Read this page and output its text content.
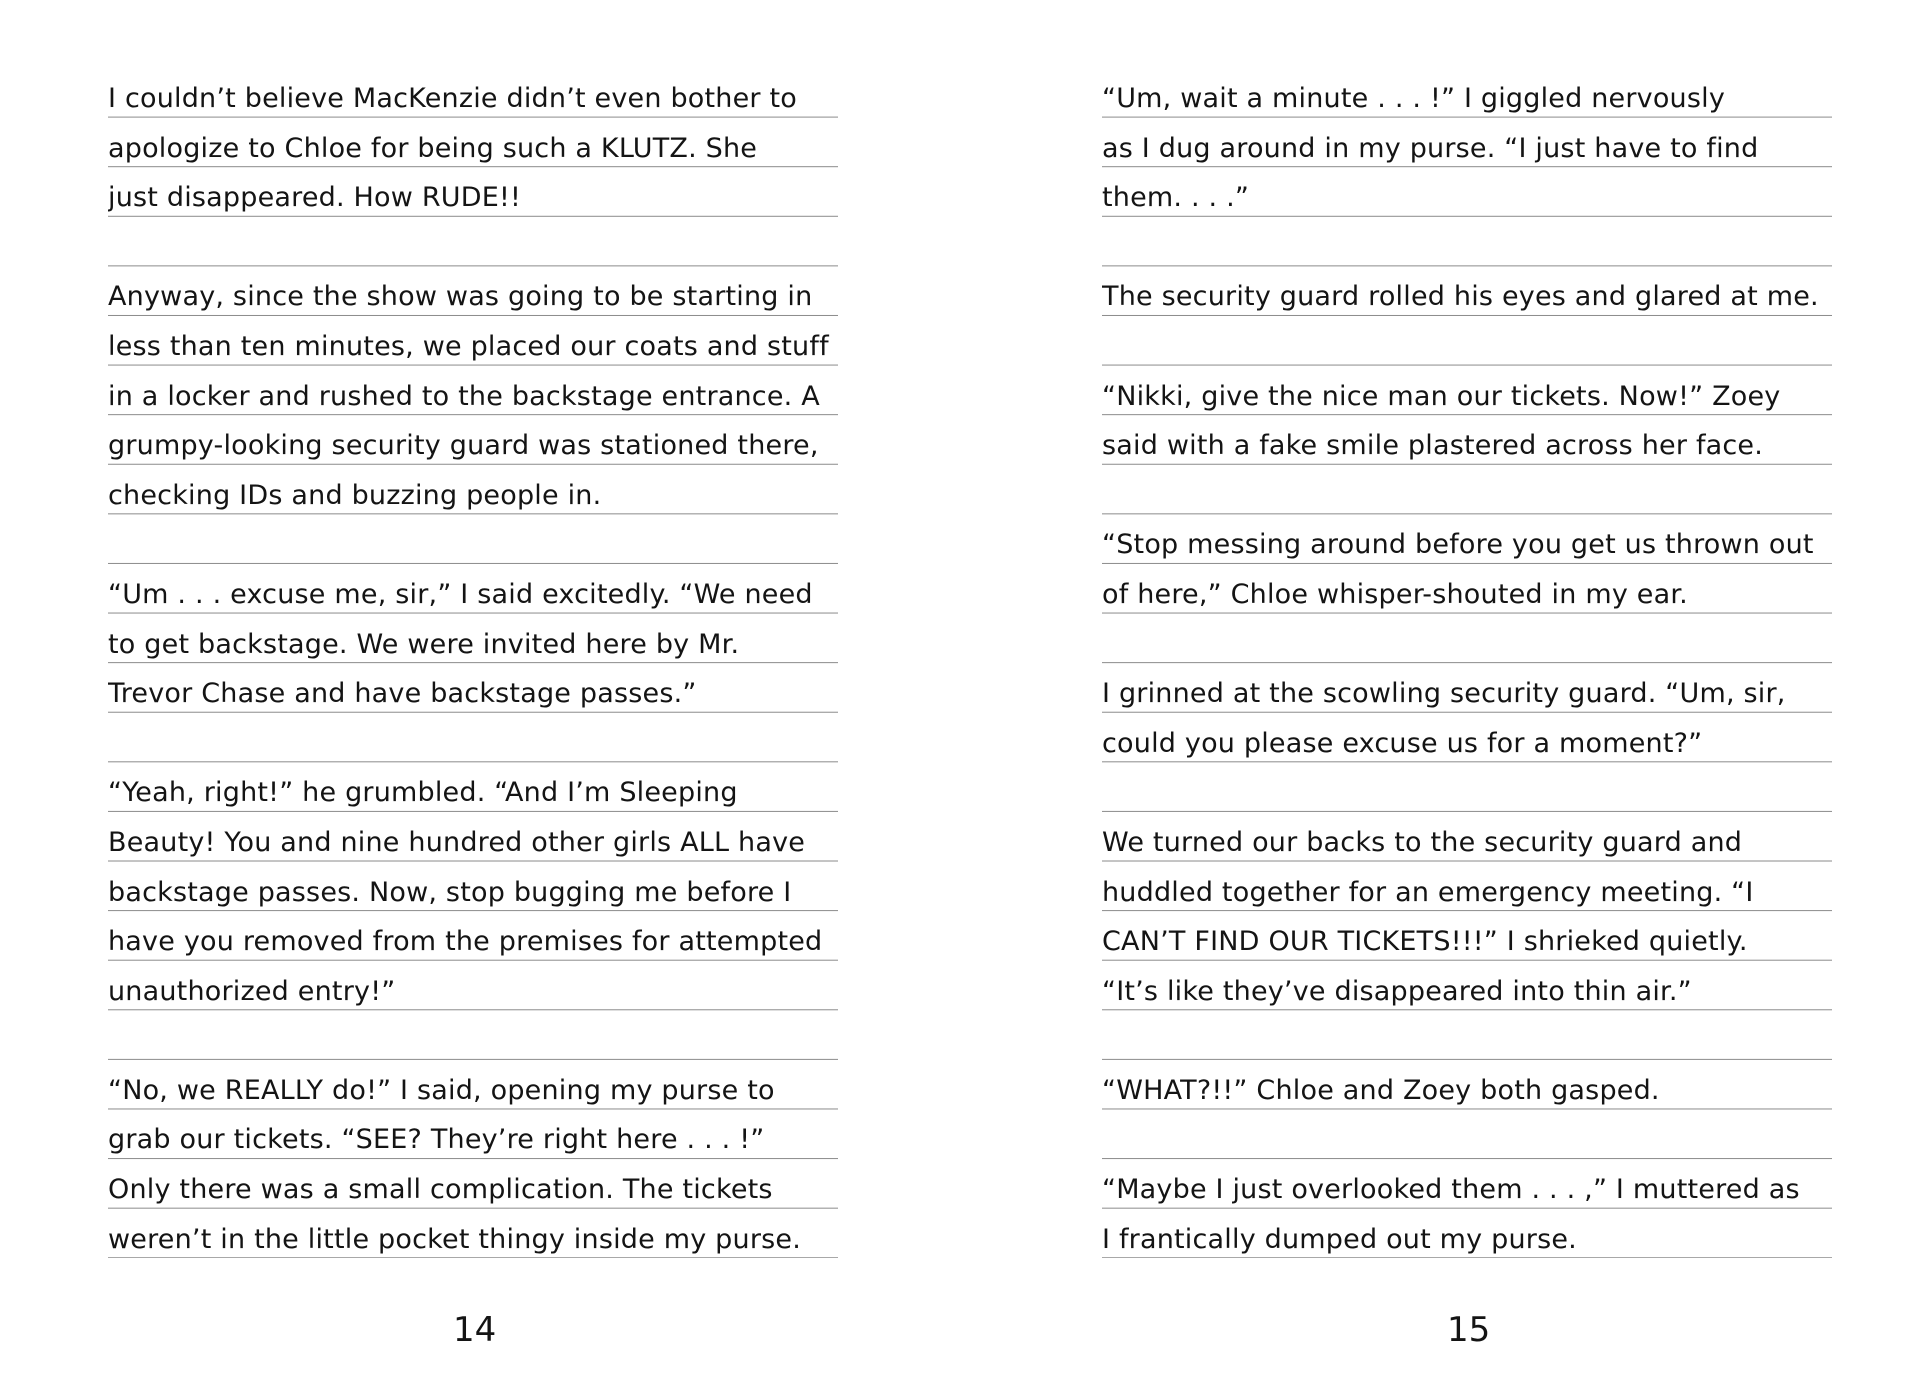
I couldn’t believe MacKenzie didn’t even bother to
apologize to Chloe for being such a KLUTZ. She
just disappeared. How RUDE!!
Anyway, since the show was going to be starting in
less than ten minutes, we placed our coats and stuff
in a locker and rushed to the backstage entrance. A
grumpy-looking security guard was stationed there,
checking IDs and buzzing people in.
“Um . . . excuse me, sir,” I said excitedly. “We need
to get backstage. We were invited here by Mr.
Trevor Chase and have backstage passes.”
“Yeah, right!” he grumbled. “And I’m Sleeping
Beauty! You and nine hundred other girls ALL have
backstage passes. Now, stop bugging me before I
have you removed from the premises for attempted
unauthorized entry!”
“No, we REALLY do!” I said, opening my purse to
grab our tickets. “SEE? They’re right here . . . !”
Only there was a small complication. The tickets
weren’t in the little pocket thingy inside my purse.
“Um, wait a minute . . . !” I giggled nervously
as I dug around in my purse. “I just have to find
them. . . .”
The security guard rolled his eyes and glared at me.
“Nikki, give the nice man our tickets. Now!” Zoey
said with a fake smile plastered across her face.
“Stop messing around before you get us thrown out
of here,” Chloe whisper-shouted in my ear.
I grinned at the scowling security guard. “Um, sir,
could you please excuse us for a moment?”
We turned our backs to the security guard and
huddled together for an emergency meeting. “I
CAN’T FIND OUR TICKETS!!!” I shrieked quietly.
“It’s like they’ve disappeared into thin air.”
“WHAT?!!” Chloe and Zoey both gasped.
“Maybe I just overlooked them . . . ,” I muttered as
I frantically dumped out my purse.
14	15
